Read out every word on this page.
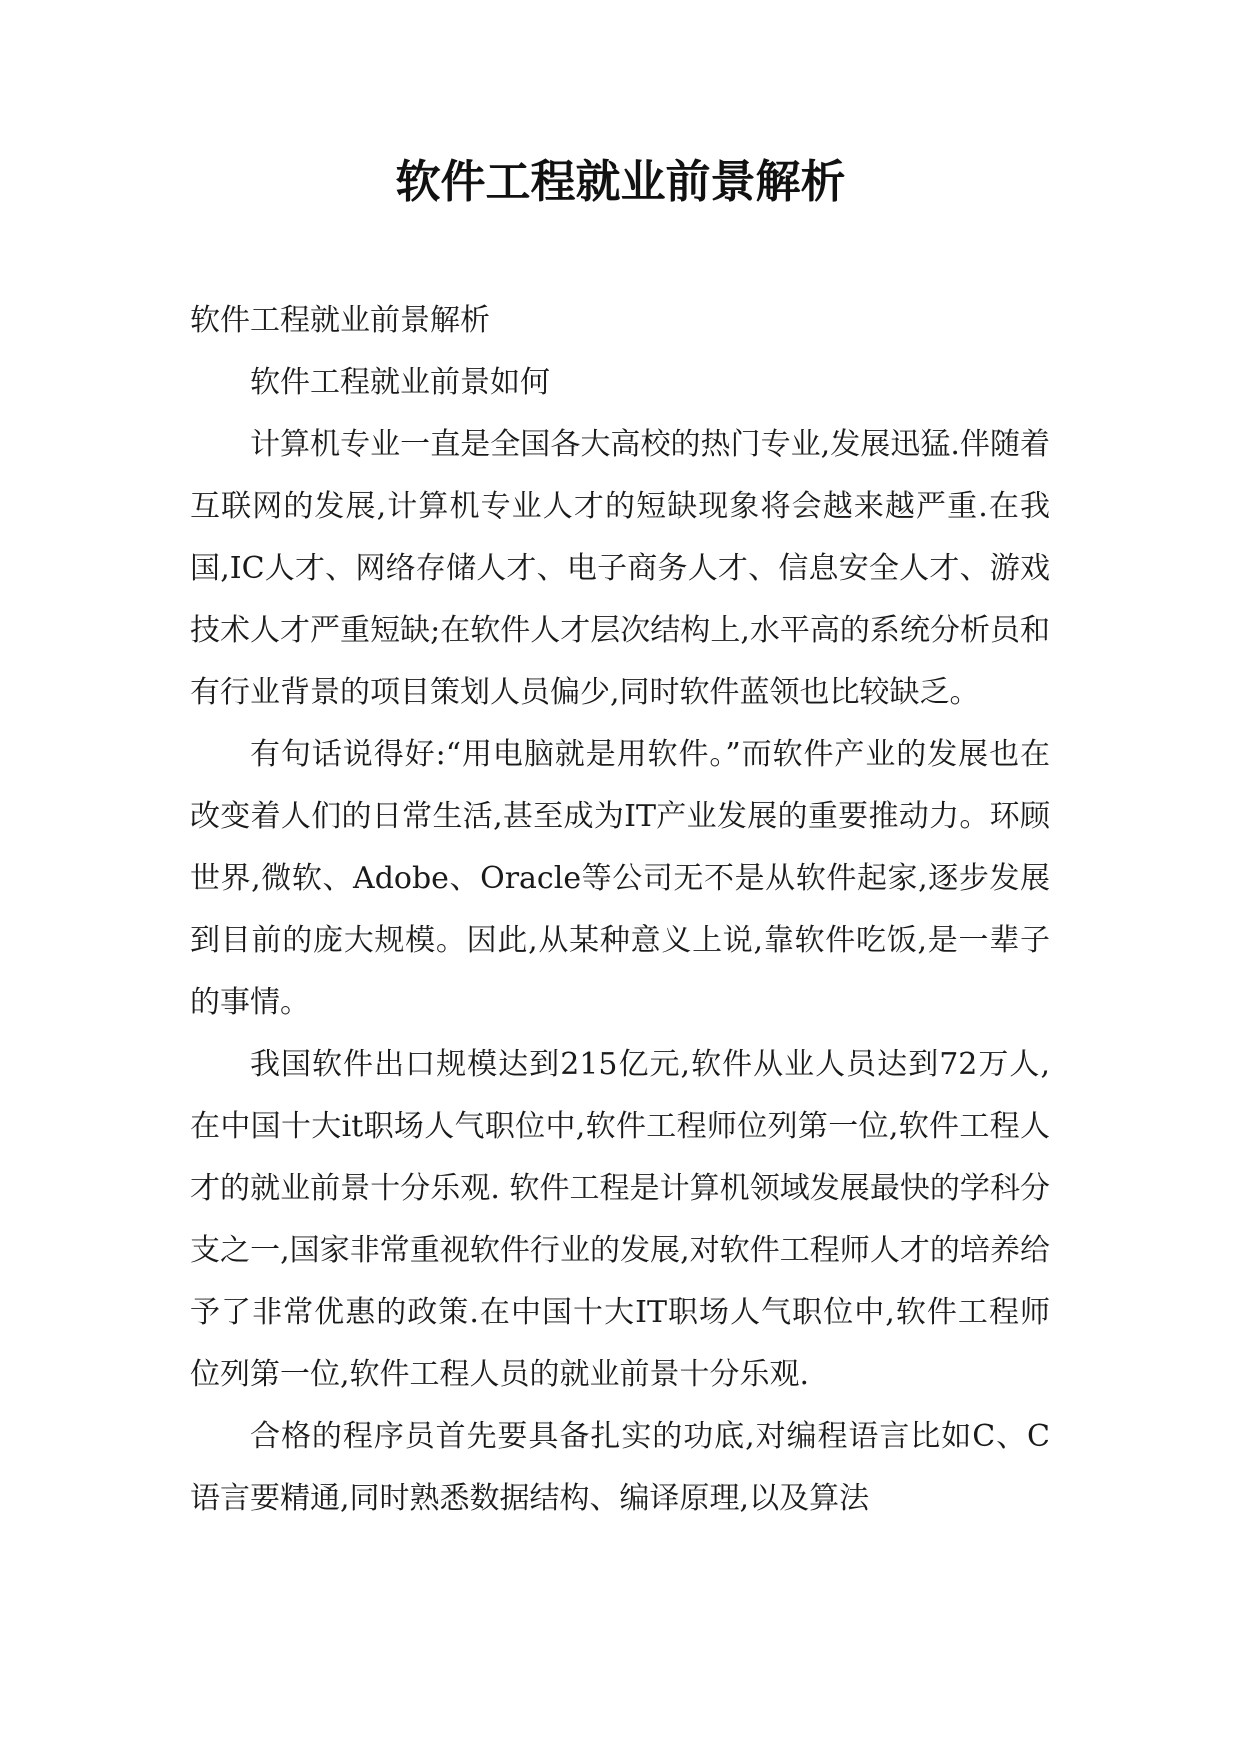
软件工程就业前景解析

软件工程就业前景解析

软件工程就业前景如何

计算机专业一直是全国各大高校的热门专业,发展迅猛.伴随着互联网的发展,计算机专业人才的短缺现象将会越来越严重.在我国,IC人才、网络存储人才、电子商务人才、信息安全人才、游戏技术人才严重短缺;在软件人才层次结构上,水平高的系统分析员和有行业背景的项目策划人员偏少,同时软件蓝领也比较缺乏。

有句话说得好:“用电脑就是用软件。”而软件产业的发展也在改变着人们的日常生活,甚至成为IT产业发展的重要推动力。环顾世界,微软、Adobe、Oracle等公司无不是从软件起家,逐步发展到目前的庞大规模。因此,从某种意义上说,靠软件吃饭,是一辈子的事情。

我国软件出口规模达到215亿元,软件从业人员达到72万人,在中国十大it职场人气职位中,软件工程师位列第一位,软件工程人才的就业前景十分乐观. 软件工程是计算机领域发展最快的学科分支之一,国家非常重视软件行业的发展,对软件工程师人才的培养给予了非常优惠的政策.在中国十大IT职场人气职位中,软件工程师位列第一位,软件工程人员的就业前景十分乐观.

合格的程序员首先要具备扎实的功底,对编程语言比如C、C语言要精通,同时熟悉数据结构、编译原理,以及算法
